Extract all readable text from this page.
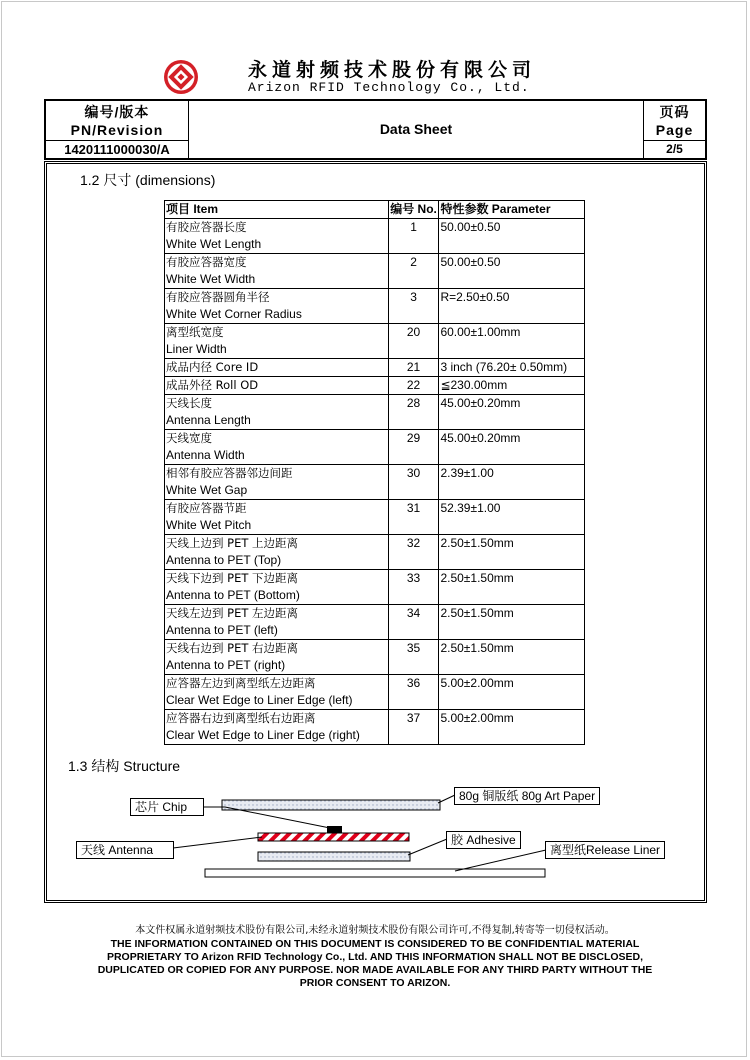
永道射频技术股份有限公司
Arizon RFID Technology Co., Ltd.
编号/版本
PN/Revision
1420111000030/A
Data Sheet
页码
Page
2/5
1.2 尺寸 (dimensions)
项目 Item	编号 No.	特性参数 Parameter

有胶应答器长度
White Wet Length	1	50.00±0.50

有胶应答器宽度
White Wet Width	2	50.00±0.50

有胶应答器圆角半径
White Wet Corner Radius	3	R=2.50±0.50

离型纸宽度
Liner Width	20	60.00±1.00mm

成品内径 Core ID	21	3 inch (76.20± 0.50mm)

成品外径 Roll OD	22	≦230.00mm

天线长度
Antenna Length	28	45.00±0.20mm

天线宽度
Antenna Width	29	45.00±0.20mm

相邻有胶应答器邻边间距
White Wet Gap	30	2.39±1.00

有胶应答器节距
White Wet Pitch	31	52.39±1.00

天线上边到 PET 上边距离
Antenna to PET (Top)	32	2.50±1.50mm

天线下边到 PET 下边距离
Antenna to PET (Bottom)	33	2.50±1.50mm

天线左边到 PET 左边距离
Antenna to PET (left)	34	2.50±1.50mm

天线右边到 PET 右边距离
Antenna to PET (right)	35	2.50±1.50mm

应答器左边到离型纸左边距离
Clear Wet Edge to Liner Edge (left)	36	5.00±2.00mm

应答器右边到离型纸右边距离
Clear Wet Edge to Liner Edge (right)	37	5.00±2.00mm
1.3 结构 Structure
芯片 Chip
天线 Antenna
80g 铜版纸 80g Art Paper
胶 Adhesive
离型纸Release Liner
本文件权属永道射频技术股份有限公司,未经永道射频技术股份有限公司许可,不得复制,转寄等一切侵权活动。
THE INFORMATION CONTAINED ON THIS DOCUMENT IS CONSIDERED TO BE CONFIDENTIAL MATERIAL
PROPRIETARY TO Arizon RFID Technology Co., Ltd. AND THIS INFORMATION SHALL NOT BE DISCLOSED,
DUPLICATED OR COPIED FOR ANY PURPOSE. NOR MADE AVAILABLE FOR ANY THIRD PARTY WITHOUT THE
PRIOR CONSENT TO ARIZON.
